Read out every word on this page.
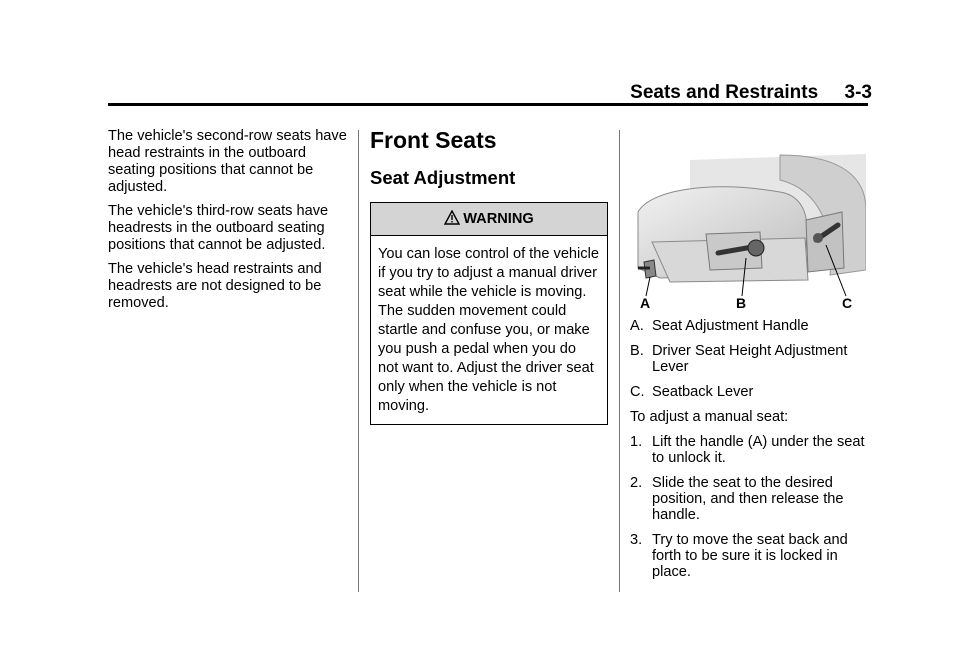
Seats and Restraints     3-3

The vehicle's second-row seats have head restraints in the outboard seating positions that cannot be adjusted.

The vehicle's third-row seats have headrests in the outboard seating positions that cannot be adjusted.

The vehicle's head restraints and headrests are not designed to be removed.

Front Seats
Seat Adjustment
WARNING
You can lose control of the vehicle if you try to adjust a manual driver seat while the vehicle is moving. The sudden movement could startle and confuse you, or make you push a pedal when you do not want to. Adjust the driver seat only when the vehicle is not moving.
A	B	C
A. Seat Adjustment Handle
B. Driver Seat Height Adjustment Lever
C. Seatback Lever

To adjust a manual seat:

1. Lift the handle (A) under the seat to unlock it.
2. Slide the seat to the desired position, and then release the handle.
3. Try to move the seat back and forth to be sure it is locked in place.
